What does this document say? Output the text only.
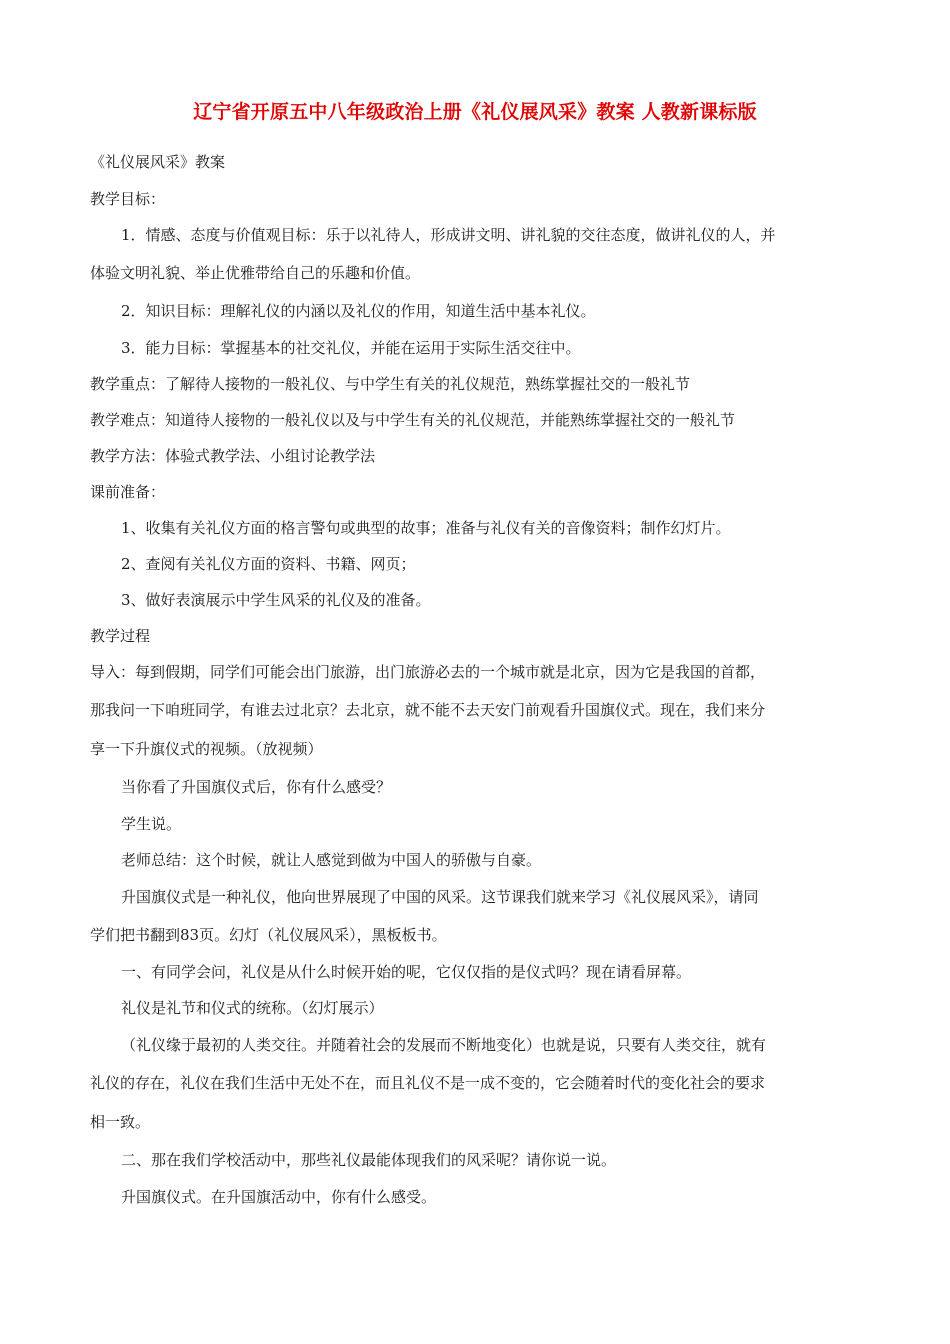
辽宁省开原五中八年级政治上册《礼仪展风采》教案 人教新课标版
《礼仪展风采》教案
教学目标：
1．情感、态度与价值观目标：乐于以礼待人，形成讲文明、讲礼貌的交往态度，做讲礼仪的人，并
体验文明礼貌、举止优雅带给自己的乐趣和价值。
2．知识目标：理解礼仪的内涵以及礼仪的作用，知道生活中基本礼仪。
3．能力目标：掌握基本的社交礼仪，并能在运用于实际生活交往中。
教学重点：了解待人接物的一般礼仪、与中学生有关的礼仪规范，熟练掌握社交的一般礼节
教学难点：知道待人接物的一般礼仪以及与中学生有关的礼仪规范，并能熟练掌握社交的一般礼节
教学方法：体验式教学法、小组讨论教学法
课前准备：
1、收集有关礼仪方面的格言警句或典型的故事；准备与礼仪有关的音像资料；制作幻灯片。
2、查阅有关礼仪方面的资料、书籍、网页；
3、做好表演展示中学生风采的礼仪及的准备。
教学过程
导入：每到假期，同学们可能会出门旅游，出门旅游必去的一个城市就是北京，因为它是我国的首都，
那我问一下咱班同学，有谁去过北京？去北京，就不能不去天安门前观看升国旗仪式。现在，我们来分
享一下升旗仪式的视频。（放视频）
当你看了升国旗仪式后，你有什么感受？
学生说。
老师总结：这个时候，就让人感觉到做为中国人的骄傲与自豪。
升国旗仪式是一种礼仪，他向世界展现了中国的风采。这节课我们就来学习《礼仪展风采》，请同
学们把书翻到83页。幻灯（礼仪展风采），黑板板书。
一、有同学会问，礼仪是从什么时候开始的呢，它仅仅指的是仪式吗？现在请看屏幕。
礼仪是礼节和仪式的统称。（幻灯展示）
（礼仪缘于最初的人类交往。并随着社会的发展而不断地变化）也就是说，只要有人类交往，就有
礼仪的存在，礼仪在我们生活中无处不在，而且礼仪不是一成不变的，它会随着时代的变化社会的要求
相一致。
二、那在我们学校活动中，那些礼仪最能体现我们的风采呢？请你说一说。
升国旗仪式。在升国旗活动中，你有什么感受。
